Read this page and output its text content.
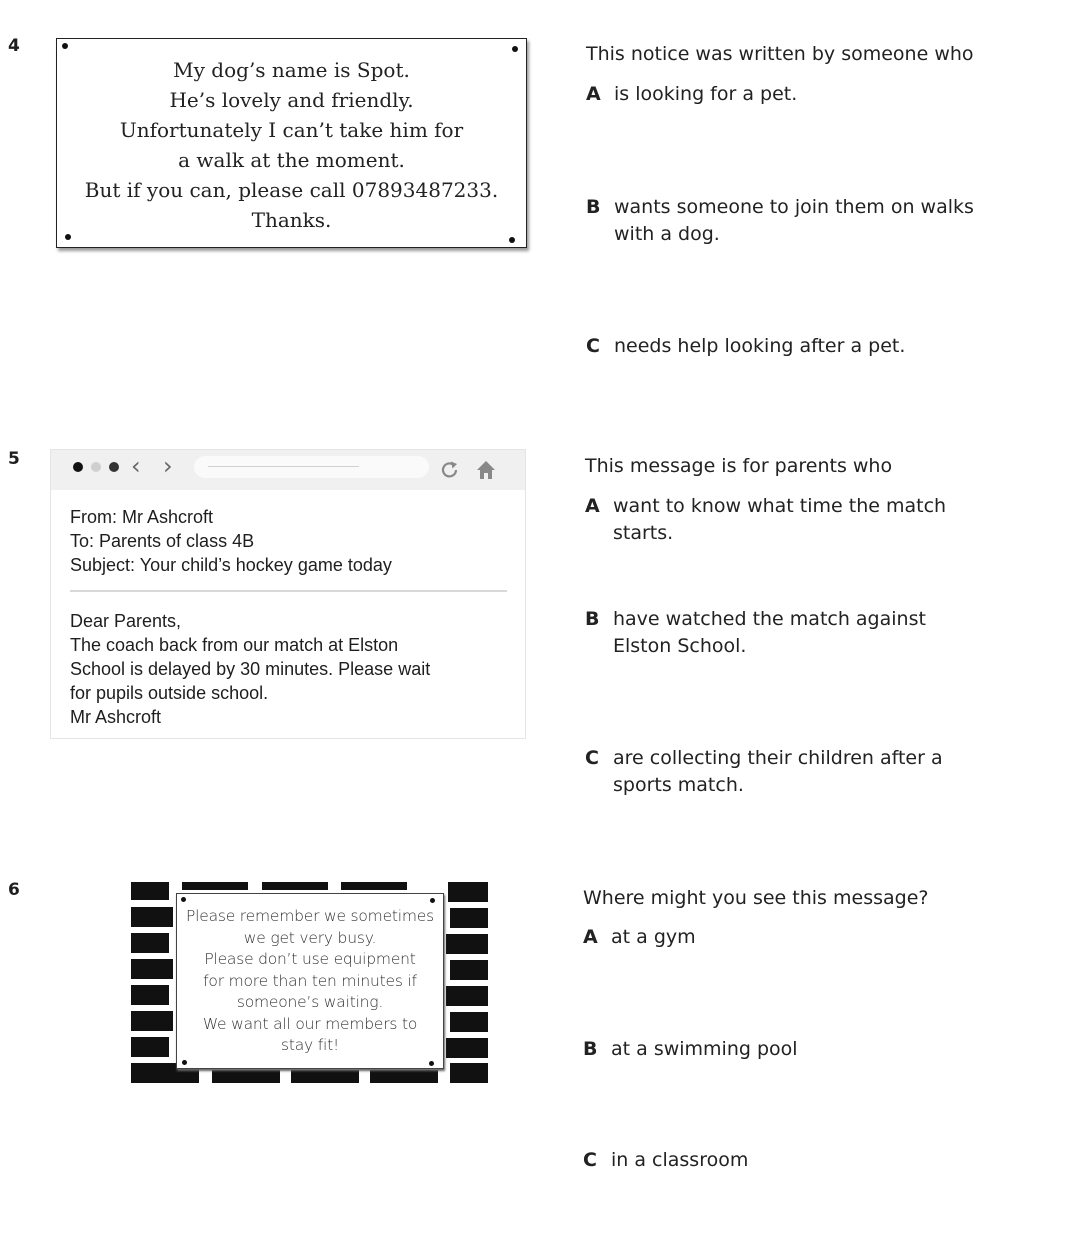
4
My dog’s name is Spot.
He’s lovely and friendly.
Unfortunately I can’t take him for
a walk at the moment.
But if you can, please call 07893487233.
Thanks.
This notice was written by someone who
A is looking for a pet.
B wants someone to join them on walks with a dog.
C needs help looking after a pet.
5	‹ ›
From: Mr Ashcroft
To: Parents of class 4B
Subject: Your child’s hockey game today
Dear Parents,
The coach back from our match at Elston
School is delayed by 30 minutes. Please wait
for pupils outside school.
Mr Ashcroft
This message is for parents who
A want to know what time the match starts.
B have watched the match against Elston School.
C are collecting their children after a sports match.
6
Please remember we sometimes
we get very busy.
Please don’t use equipment
for more than ten minutes if
someone’s waiting.
We want all our members to
stay fit!
Where might you see this message?
A at a gym
B at a swimming pool
C in a classroom
